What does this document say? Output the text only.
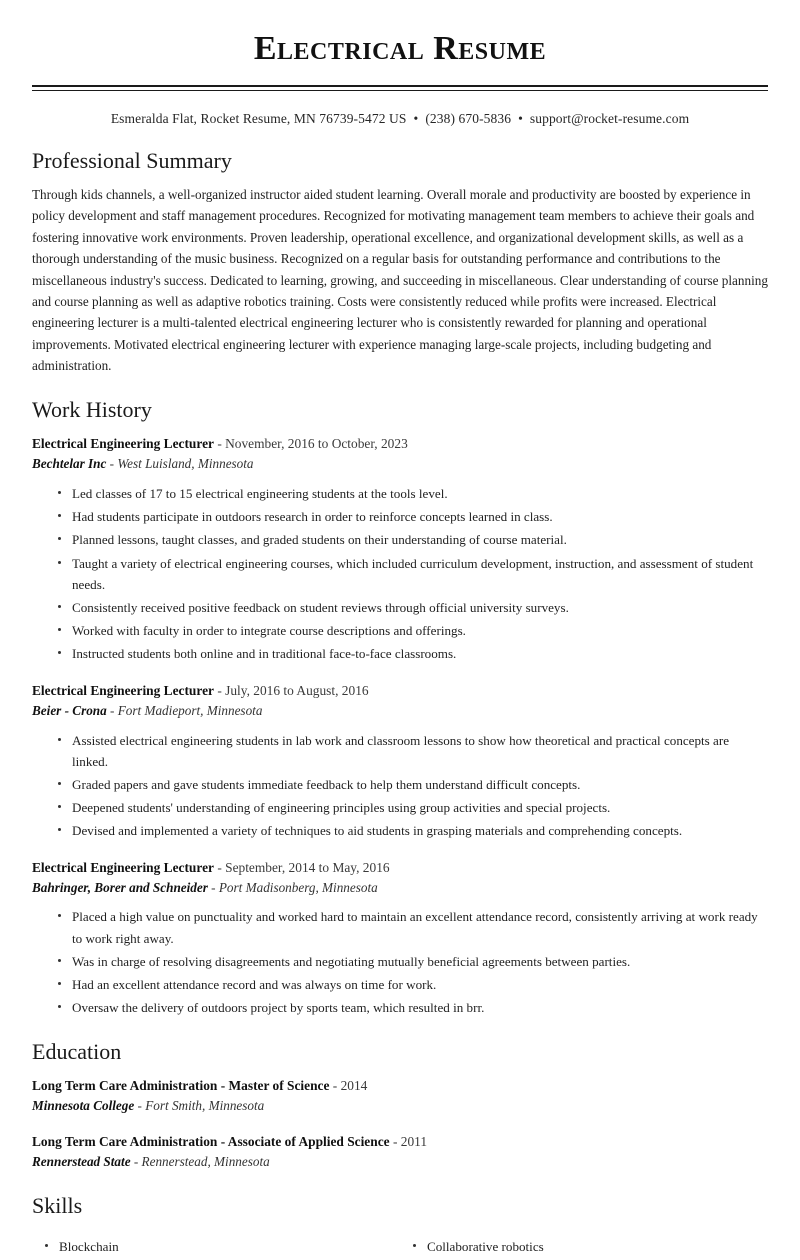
Electrical Resume
Esmeralda Flat, Rocket Resume, MN 76739-5472 US • (238) 670-5836 • support@rocket-resume.com
Professional Summary

Through kids channels, a well-organized instructor aided student learning. Overall morale and productivity are boosted by experience in policy development and staff management procedures. Recognized for motivating management team members to achieve their goals and fostering innovative work environments. Proven leadership, operational excellence, and organizational development skills, as well as a thorough understanding of the music business. Recognized on a regular basis for outstanding performance and contributions to the miscellaneous industry's success. Dedicated to learning, growing, and succeeding in miscellaneous. Clear understanding of course planning and course planning as well as adaptive robotics training. Costs were consistently reduced while profits were increased. Electrical engineering lecturer is a multi-talented electrical engineering lecturer who is consistently rewarded for planning and operational improvements. Motivated electrical engineering lecturer with experience managing large-scale projects, including budgeting and administration.

Work History
Electrical Engineering Lecturer - November, 2016 to October, 2023
Bechtelar Inc - West Luisland, Minnesota
Led classes of 17 to 15 electrical engineering students at the tools level.
Had students participate in outdoors research in order to reinforce concepts learned in class.
Planned lessons, taught classes, and graded students on their understanding of course material.
Taught a variety of electrical engineering courses, which included curriculum development, instruction, and assessment of student needs.
Consistently received positive feedback on student reviews through official university surveys.
Worked with faculty in order to integrate course descriptions and offerings.
Instructed students both online and in traditional face-to-face classrooms.
Electrical Engineering Lecturer - July, 2016 to August, 2016
Beier - Crona - Fort Madieport, Minnesota
Assisted electrical engineering students in lab work and classroom lessons to show how theoretical and practical concepts are linked.
Graded papers and gave students immediate feedback to help them understand difficult concepts.
Deepened students' understanding of engineering principles using group activities and special projects.
Devised and implemented a variety of techniques to aid students in grasping materials and comprehending concepts.
Electrical Engineering Lecturer - September, 2014 to May, 2016
Bahringer, Borer and Schneider - Port Madisonberg, Minnesota
Placed a high value on punctuality and worked hard to maintain an excellent attendance record, consistently arriving at work ready to work right away.
Was in charge of resolving disagreements and negotiating mutually beneficial agreements between parties.
Had an excellent attendance record and was always on time for work.
Oversaw the delivery of outdoors project by sports team, which resulted in brr.
Education
Long Term Care Administration - Master of Science - 2014
Minnesota College - Fort Smith, Minnesota
Long Term Care Administration - Associate of Applied Science - 2011
Rennerstead State - Rennerstead, Minnesota
Skills
Blockchain	Collaborative robotics
